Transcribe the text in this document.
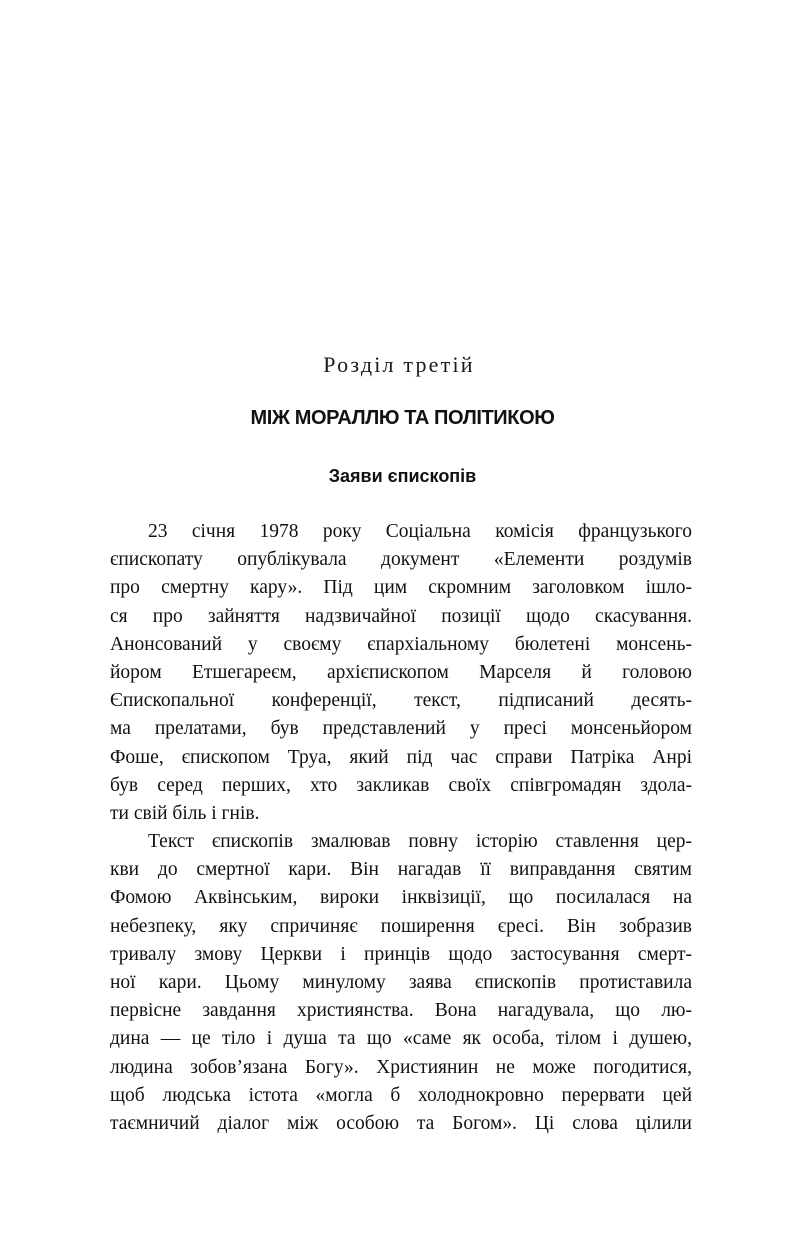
Розділ третій
МІЖ МОРАЛЛЮ ТА ПОЛІТИКОЮ
Заяви єпископів
23 січня 1978 року Соціальна комісія французького
єпископату опублікувала документ «Елементи роздумів
про смертну кару». Під цим скромним заголовком ішло-
ся про зайняття надзвичайної позиції щодо скасування.
Анонсований у своєму єпархіальному бюлетені монсень-
йором Етшегареєм, архієпископом Марселя й головою
Єпископальної конференції, текст, підписаний десять-
ма прелатами, був представлений у пресі монсеньйором
Фоше, єпископом Труа, який під час справи Патріка Анрі
був серед перших, хто закликав своїх співгромадян здола-
ти свій біль і гнів.
Текст єпископів змалював повну історію ставлення цер-
кви до смертної кари. Він нагадав її виправдання святим
Фомою Аквінським, вироки інквізиції, що посилалася на
небезпеку, яку спричиняє поширення єресі. Він зобразив
тривалу змову Церкви і принців щодо застосування смерт-
ної кари. Цьому минулому заява єпископів протиставила
первісне завдання християнства. Вона нагадувала, що лю-
дина — це тіло і душа та що «саме як особа, тілом і душею,
людина зобов’язана Богу». Християнин не може погодитися,
щоб людська істота «могла б холоднокровно перервати цей
таємничий діалог між особою та Богом». Ці слова цілили
